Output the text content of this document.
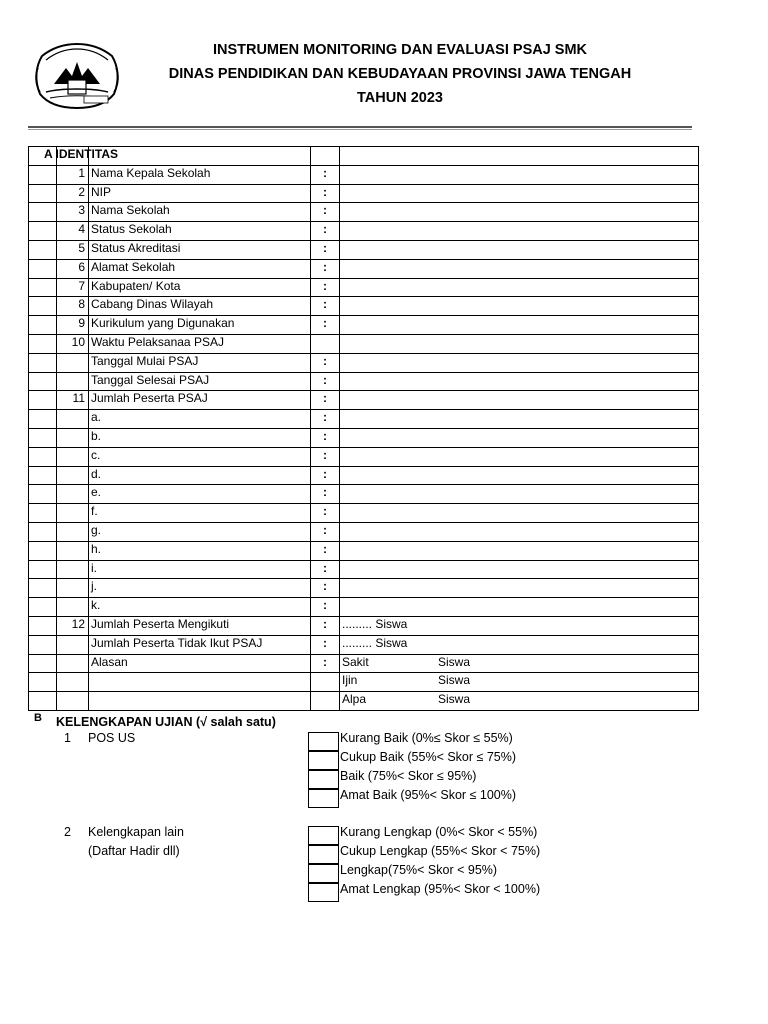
INSTRUMEN MONITORING DAN EVALUASI PSAJ SMK
DINAS PENDIDIKAN DAN KEBUDAYAAN PROVINSI JAWA TENGAH
TAHUN 2023

	1	Nama Kepala Sekolah	:	
	2	NIP	:	
	3	Nama Sekolah	:	
	4	Status Sekolah	:	
	5	Status Akreditasi	:	
	6	Alamat Sekolah	:	
	7	Kabupaten/ Kota	:	
	8	Cabang Dinas Wilayah	:	
	9	Kurikulum yang Digunakan	:	
	10	Waktu Pelaksanaa PSAJ		
		Tanggal Mulai PSAJ	:	
		Tanggal Selesai PSAJ	:	
	11	Jumlah Peserta PSAJ	:	
		a.	:	
		b.	:	
		c.	:	
		d.	:	
		e.	:	
		f.	:	
		g.	:	
		h.	:	
		i.	:	
		j.	:	
		k.	:	
	12	Jumlah Peserta Mengikuti	:	......... Siswa
		Jumlah Peserta Tidak Ikut PSAJ	:	......... Siswa
		Alasan	:	Sakit Siswa
				Ijin Siswa
				Alpa Siswa
A IDENTITAS
B KELENGKAPAN UJIAN (√ salah satu)
1 POS US	Kurang Baik (0%≤ Skor ≤ 55%)
Cukup Baik (55%< Skor ≤ 75%)
Baik (75%< Skor ≤ 95%)
Amat Baik (95%< Skor ≤ 100%)
2 Kelengkapan lain
(Daftar Hadir dll)
Kurang Lengkap (0%< Skor < 55%)
Cukup Lengkap (55%< Skor < 75%)
Lengkap(75%< Skor < 95%)
Amat Lengkap (95%< Skor < 100%)
